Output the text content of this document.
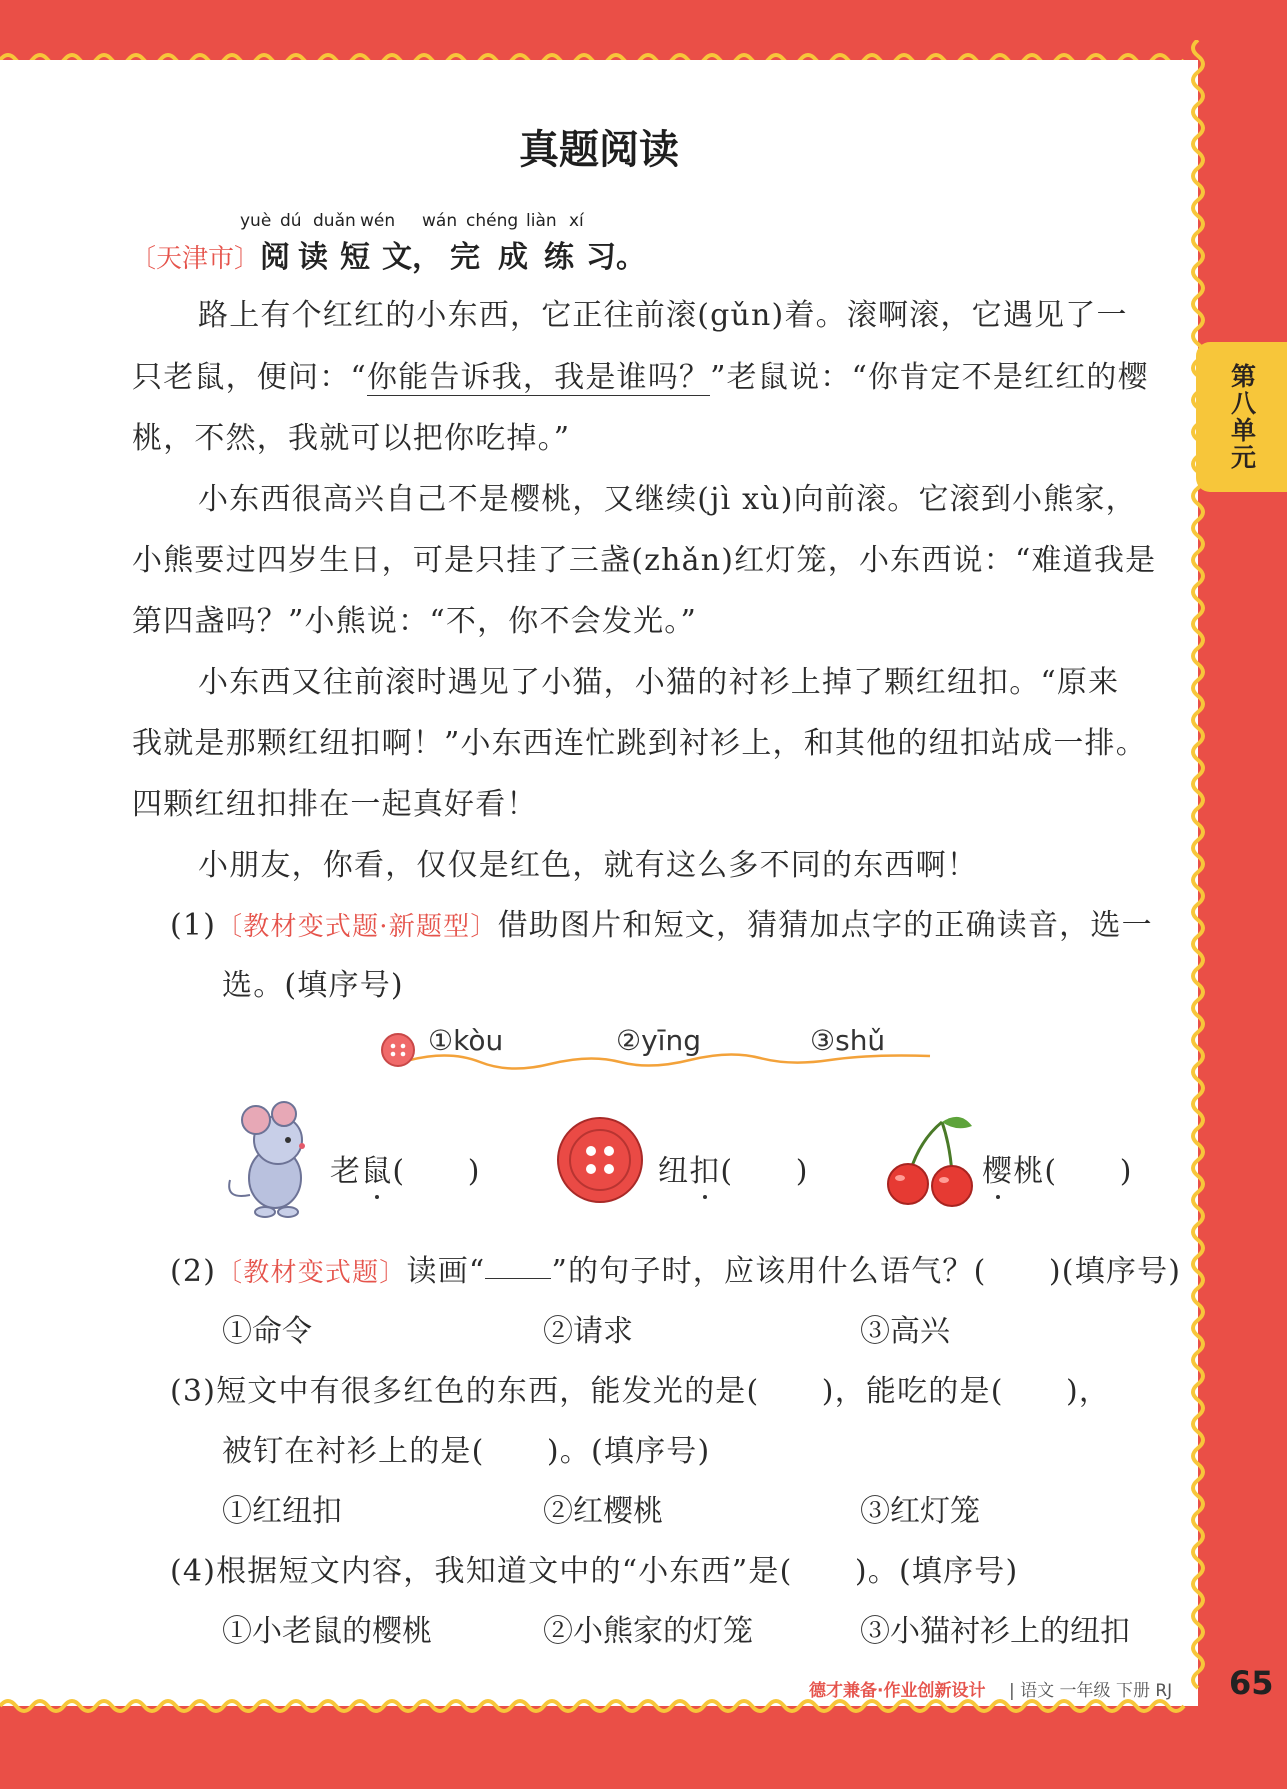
第八单元
真题阅读
yuè dú duǎn wén wán chéng liàn xí
〔天津市〕阅 读 短 文， 完 成 练 习。
路上有个红红的小东西，它正往前滚(gǔn)着。滚啊滚，它遇见了一
只老鼠，便问：“你能告诉我，我是谁吗？”老鼠说：“你肯定不是红红的樱
桃，不然，我就可以把你吃掉。”
小东西很高兴自己不是樱桃，又继续(jì xù)向前滚。它滚到小熊家，
小熊要过四岁生日，可是只挂了三盏(zhǎn)红灯笼，小东西说：“难道我是
第四盏吗？”小熊说：“不，你不会发光。”
小东西又往前滚时遇见了小猫，小猫的衬衫上掉了颗红纽扣。“原来
我就是那颗红纽扣啊！”小东西连忙跳到衬衫上，和其他的纽扣站成一排。
四颗红纽扣排在一起真好看！
小朋友，你看，仅仅是红色，就有这么多不同的东西啊！
(1)〔教材变式题·新题型〕借助图片和短文，猜猜加点字的正确读音，选一
选。(填序号)
①kòu	②yīng	③shǔ
老鼠(　　)	纽扣(　　)	樱桃(　　)
(2)〔教材变式题〕读画“ ”的句子时，应该用什么语气？(　　)(填序号)
①命令	②请求	③高兴
(3)短文中有很多红色的东西，能发光的是(　　)，能吃的是(　　)，
被钉在衬衫上的是(　　)。(填序号)
①红纽扣	②红樱桃	③红灯笼
(4)根据短文内容，我知道文中的“小东西”是(　　)。(填序号)
①小老鼠的樱桃	②小熊家的灯笼	③小猫衬衫上的纽扣
德才兼备·作业创新设计 | 语文 一年级 下册 RJ 65
